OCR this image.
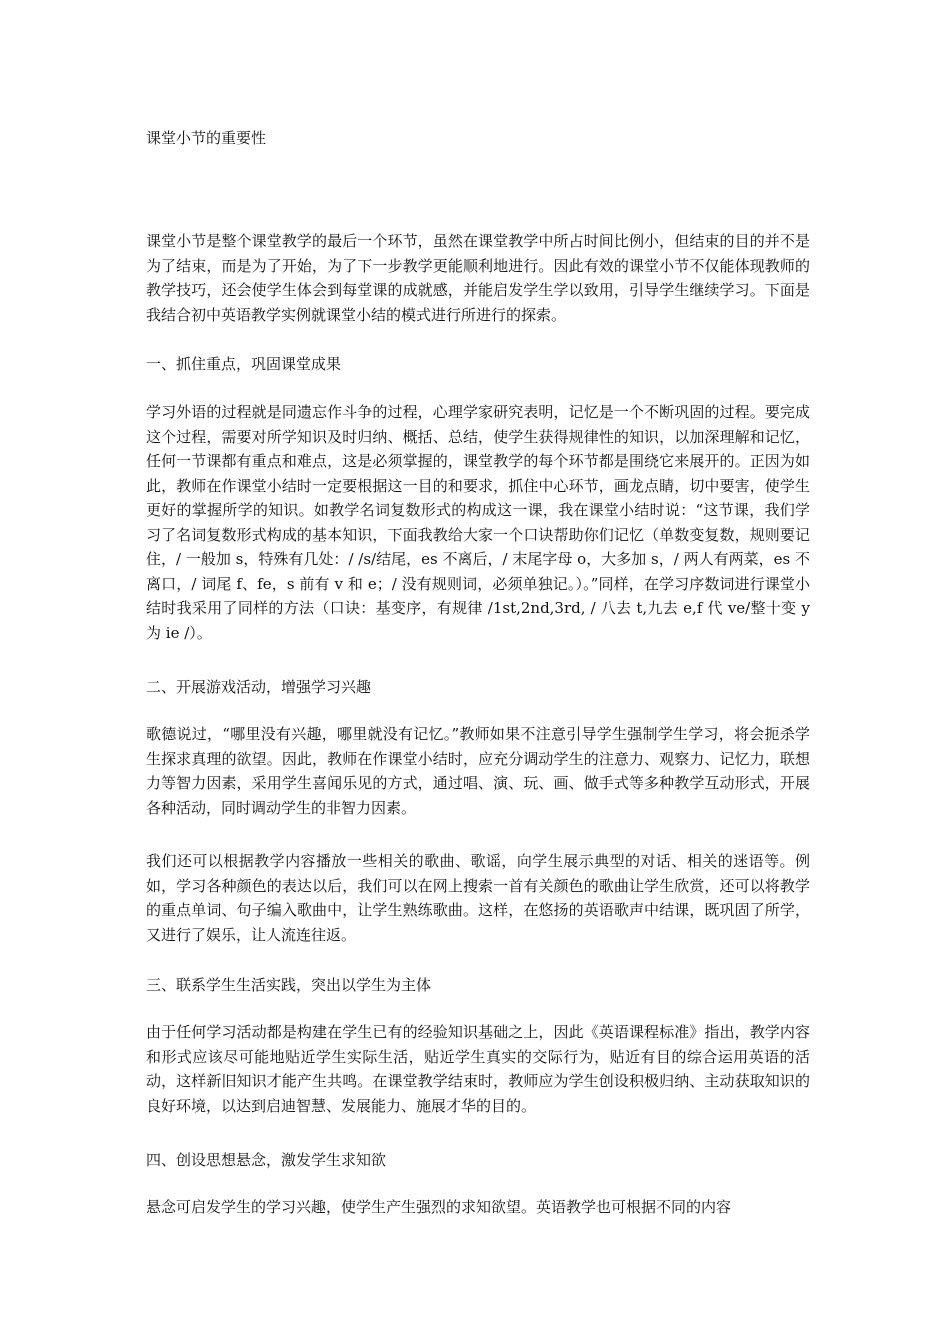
课堂小节的重要性

课堂小节是整个课堂教学的最后一个环节，虽然在课堂教学中所占时间比例小，但结束的目的并不是为了结束，而是为了开始，为了下一步教学更能顺利地进行。因此有效的课堂小节不仅能体现教师的教学技巧，还会使学生体会到每堂课的成就感，并能启发学生学以致用，引导学生继续学习。下面是我结合初中英语教学实例就课堂小结的模式进行所进行的探索。

一、抓住重点，巩固课堂成果

学习外语的过程就是同遗忘作斗争的过程，心理学家研究表明，记忆是一个不断巩固的过程。要完成这个过程，需要对所学知识及时归纳、概括、总结，使学生获得规律性的知识，以加深理解和记忆，任何一节课都有重点和难点，这是必须掌握的，课堂教学的每个环节都是围绕它来展开的。正因为如此，教师在作课堂小结时一定要根据这一目的和要求，抓住中心环节，画龙点睛，切中要害，使学生更好的掌握所学的知识。如教学名词复数形式的构成这一课，我在课堂小结时说：“这节课，我们学习了名词复数形式构成的基本知识，下面我教给大家一个口诀帮助你们记忆（单数变复数，规则要记住，/ 一般加 s，特殊有几处：/ /s/结尾，es 不离后，/ 末尾字母 o，大多加 s，/ 两人有两菜，es 不离口，/ 词尾 f、fe，s 前有 v 和 e；/ 没有规则词，必须单独记。）。”同样，在学习序数词进行课堂小结时我采用了同样的方法（口诀：基变序，有规律 /1st,2nd,3rd, / 八去 t,九去 e,f 代 ve/整十变 y 为 ie /）。

二、开展游戏活动，增强学习兴趣

歌德说过，“哪里没有兴趣，哪里就没有记忆。”教师如果不注意引导学生强制学生学习，将会扼杀学生探求真理的欲望。因此，教师在作课堂小结时，应充分调动学生的注意力、观察力、记忆力，联想力等智力因素，采用学生喜闻乐见的方式，通过唱、演、玩、画、做手式等多种教学互动形式，开展各种活动，同时调动学生的非智力因素。

我们还可以根据教学内容播放一些相关的歌曲、歌谣，向学生展示典型的对话、相关的迷语等。例如，学习各种颜色的表达以后，我们可以在网上搜索一首有关颜色的歌曲让学生欣赏，还可以将教学的重点单词、句子编入歌曲中，让学生熟练歌曲。这样，在悠扬的英语歌声中结课，既巩固了所学，又进行了娱乐，让人流连往返。

三、联系学生生活实践，突出以学生为主体

由于任何学习活动都是构建在学生已有的经验知识基础之上，因此《英语课程标准》指出，教学内容和形式应该尽可能地贴近学生实际生活，贴近学生真实的交际行为，贴近有目的综合运用英语的活动，这样新旧知识才能产生共鸣。在课堂教学结束时，教师应为学生创设积极归纳、主动获取知识的良好环境，以达到启迪智慧、发展能力、施展才华的目的。

四、创设思想悬念，激发学生求知欲

悬念可启发学生的学习兴趣，使学生产生强烈的求知欲望。英语教学也可根据不同的内容
